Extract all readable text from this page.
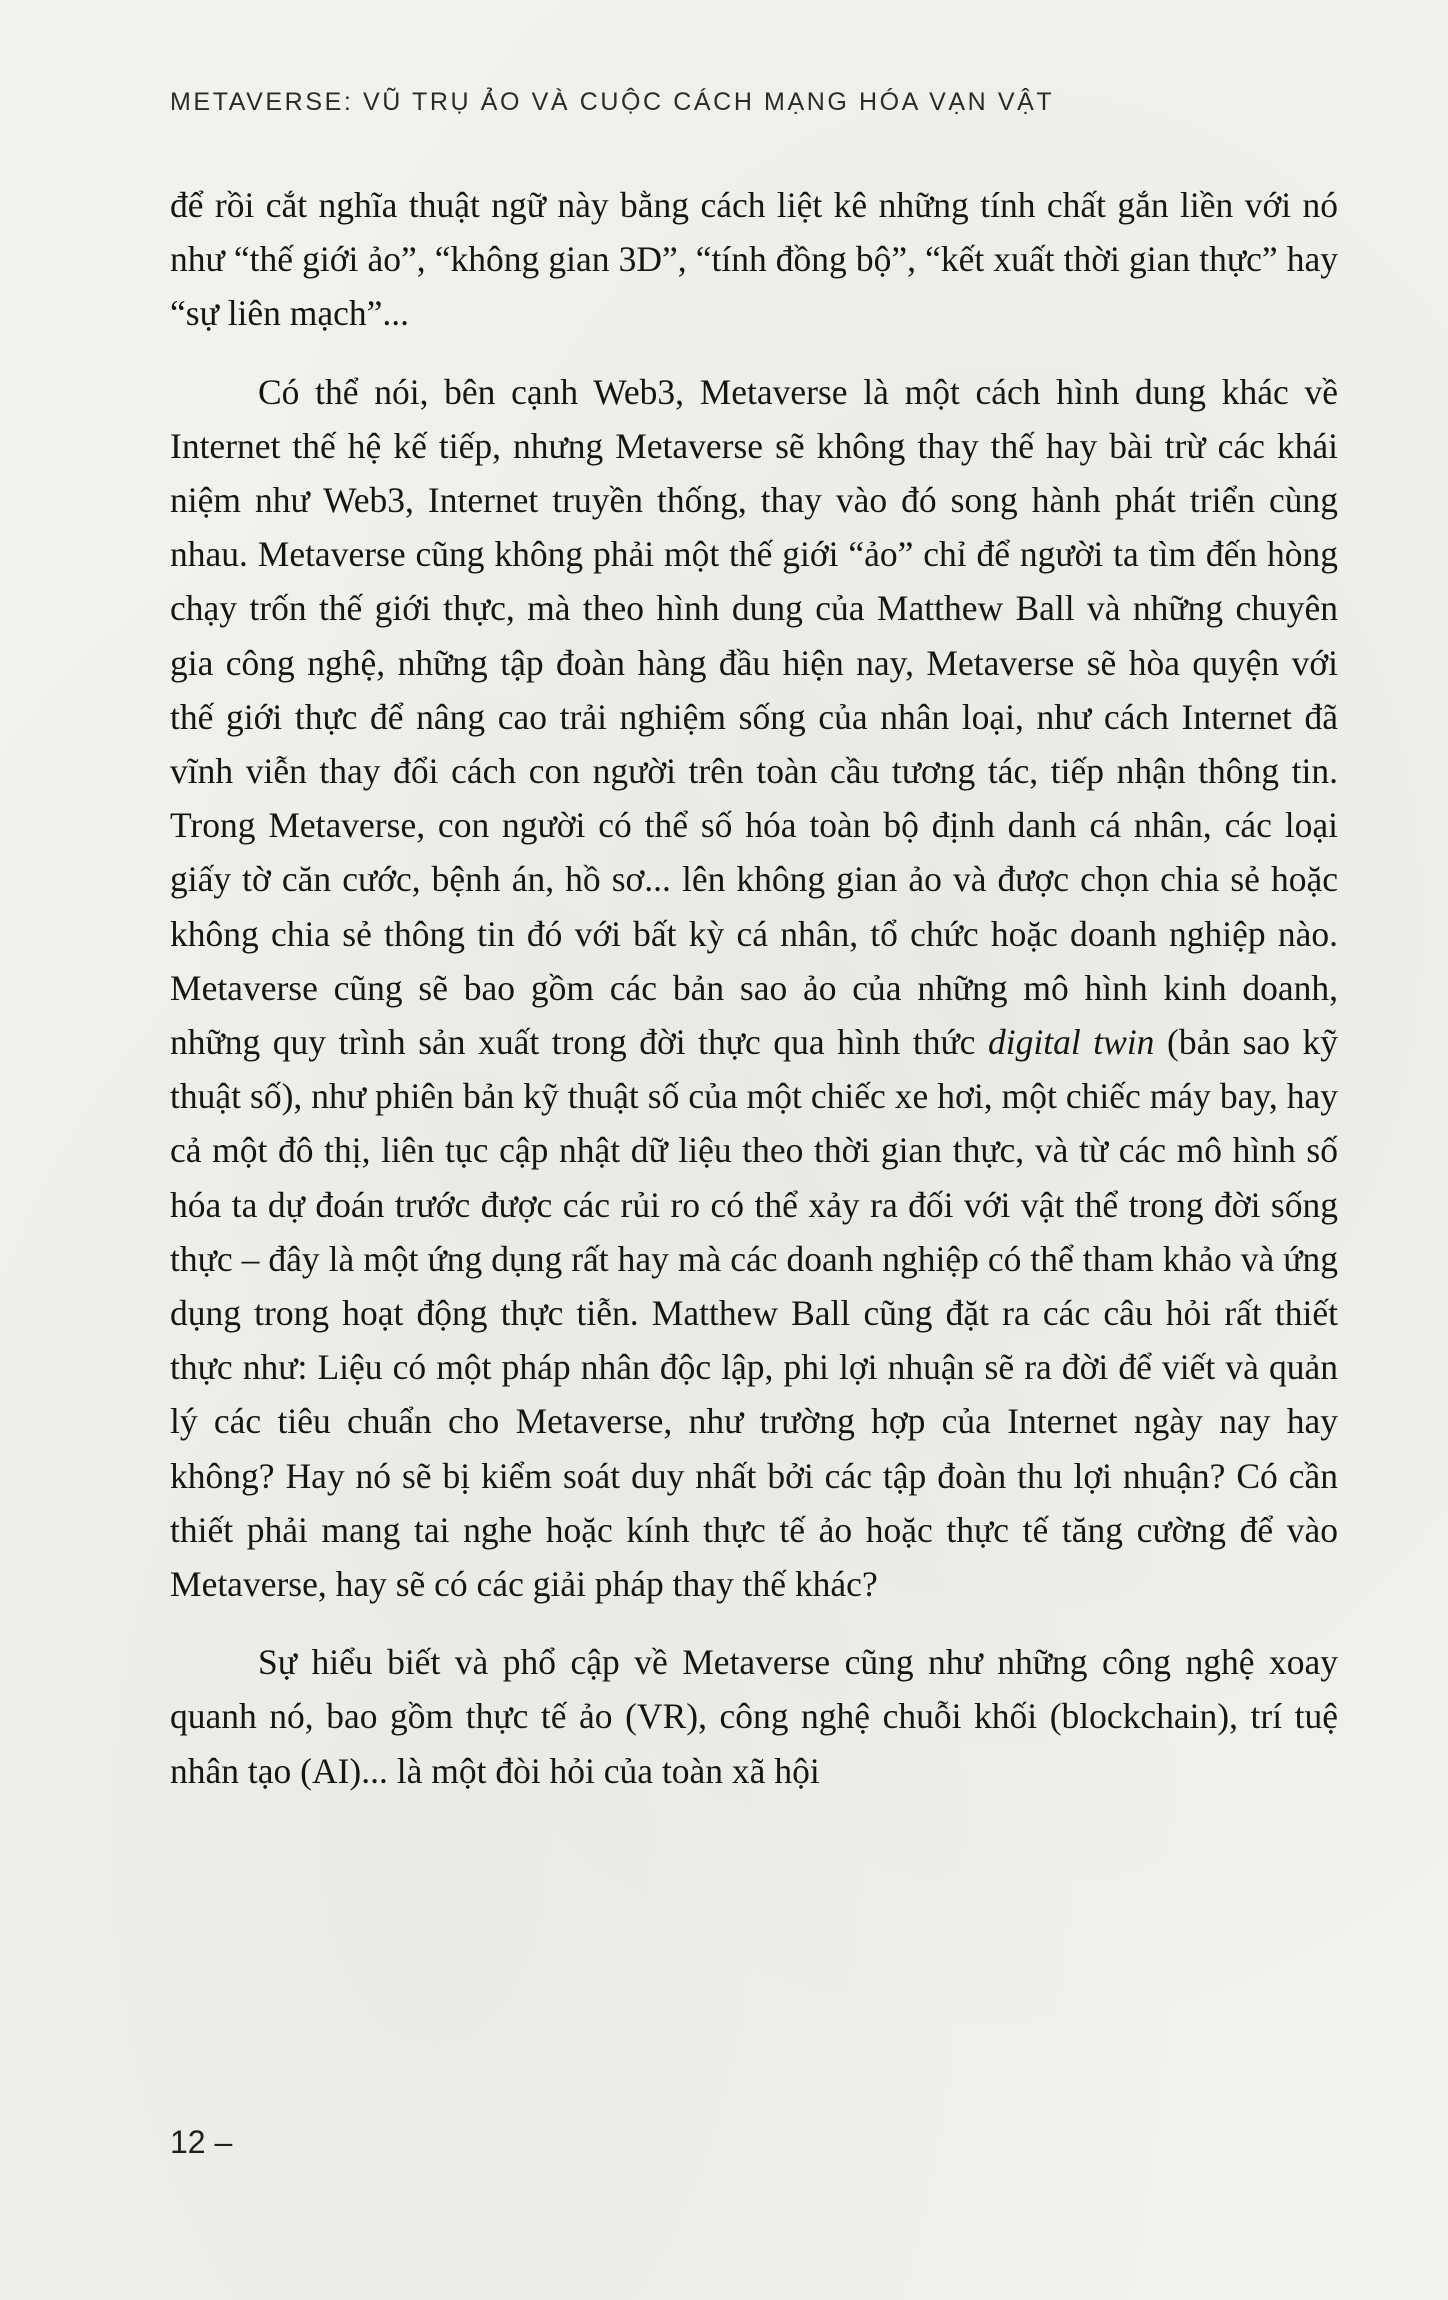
METAVERSE: VŨ TRỤ ẢO VÀ CUỘC CÁCH MẠNG HÓA VẠN VẬT

để rồi cắt nghĩa thuật ngữ này bằng cách liệt kê những tính chất gắn liền với nó như “thế giới ảo”, “không gian 3D”, “tính đồng bộ”, “kết xuất thời gian thực” hay “sự liên mạch”...

Có thể nói, bên cạnh Web3, Metaverse là một cách hình dung khác về Internet thế hệ kế tiếp, nhưng Metaverse sẽ không thay thế hay bài trừ các khái niệm như Web3, Internet truyền thống, thay vào đó song hành phát triển cùng nhau. Metaverse cũng không phải một thế giới “ảo” chỉ để người ta tìm đến hòng chạy trốn thế giới thực, mà theo hình dung của Matthew Ball và những chuyên gia công nghệ, những tập đoàn hàng đầu hiện nay, Metaverse sẽ hòa quyện với thế giới thực để nâng cao trải nghiệm sống của nhân loại, như cách Internet đã vĩnh viễn thay đổi cách con người trên toàn cầu tương tác, tiếp nhận thông tin. Trong Metaverse, con người có thể số hóa toàn bộ định danh cá nhân, các loại giấy tờ căn cước, bệnh án, hồ sơ... lên không gian ảo và được chọn chia sẻ hoặc không chia sẻ thông tin đó với bất kỳ cá nhân, tổ chức hoặc doanh nghiệp nào. Metaverse cũng sẽ bao gồm các bản sao ảo của những mô hình kinh doanh, những quy trình sản xuất trong đời thực qua hình thức digital twin (bản sao kỹ thuật số), như phiên bản kỹ thuật số của một chiếc xe hơi, một chiếc máy bay, hay cả một đô thị, liên tục cập nhật dữ liệu theo thời gian thực, và từ các mô hình số hóa ta dự đoán trước được các rủi ro có thể xảy ra đối với vật thể trong đời sống thực – đây là một ứng dụng rất hay mà các doanh nghiệp có thể tham khảo và ứng dụng trong hoạt động thực tiễn. Matthew Ball cũng đặt ra các câu hỏi rất thiết thực như: Liệu có một pháp nhân độc lập, phi lợi nhuận sẽ ra đời để viết và quản lý các tiêu chuẩn cho Metaverse, như trường hợp của Internet ngày nay hay không? Hay nó sẽ bị kiểm soát duy nhất bởi các tập đoàn thu lợi nhuận? Có cần thiết phải mang tai nghe hoặc kính thực tế ảo hoặc thực tế tăng cường để vào Metaverse, hay sẽ có các giải pháp thay thế khác?

Sự hiểu biết và phổ cập về Metaverse cũng như những công nghệ xoay quanh nó, bao gồm thực tế ảo (VR), công nghệ chuỗi khối (blockchain), trí tuệ nhân tạo (AI)... là một đòi hỏi của toàn xã hội

12 –
